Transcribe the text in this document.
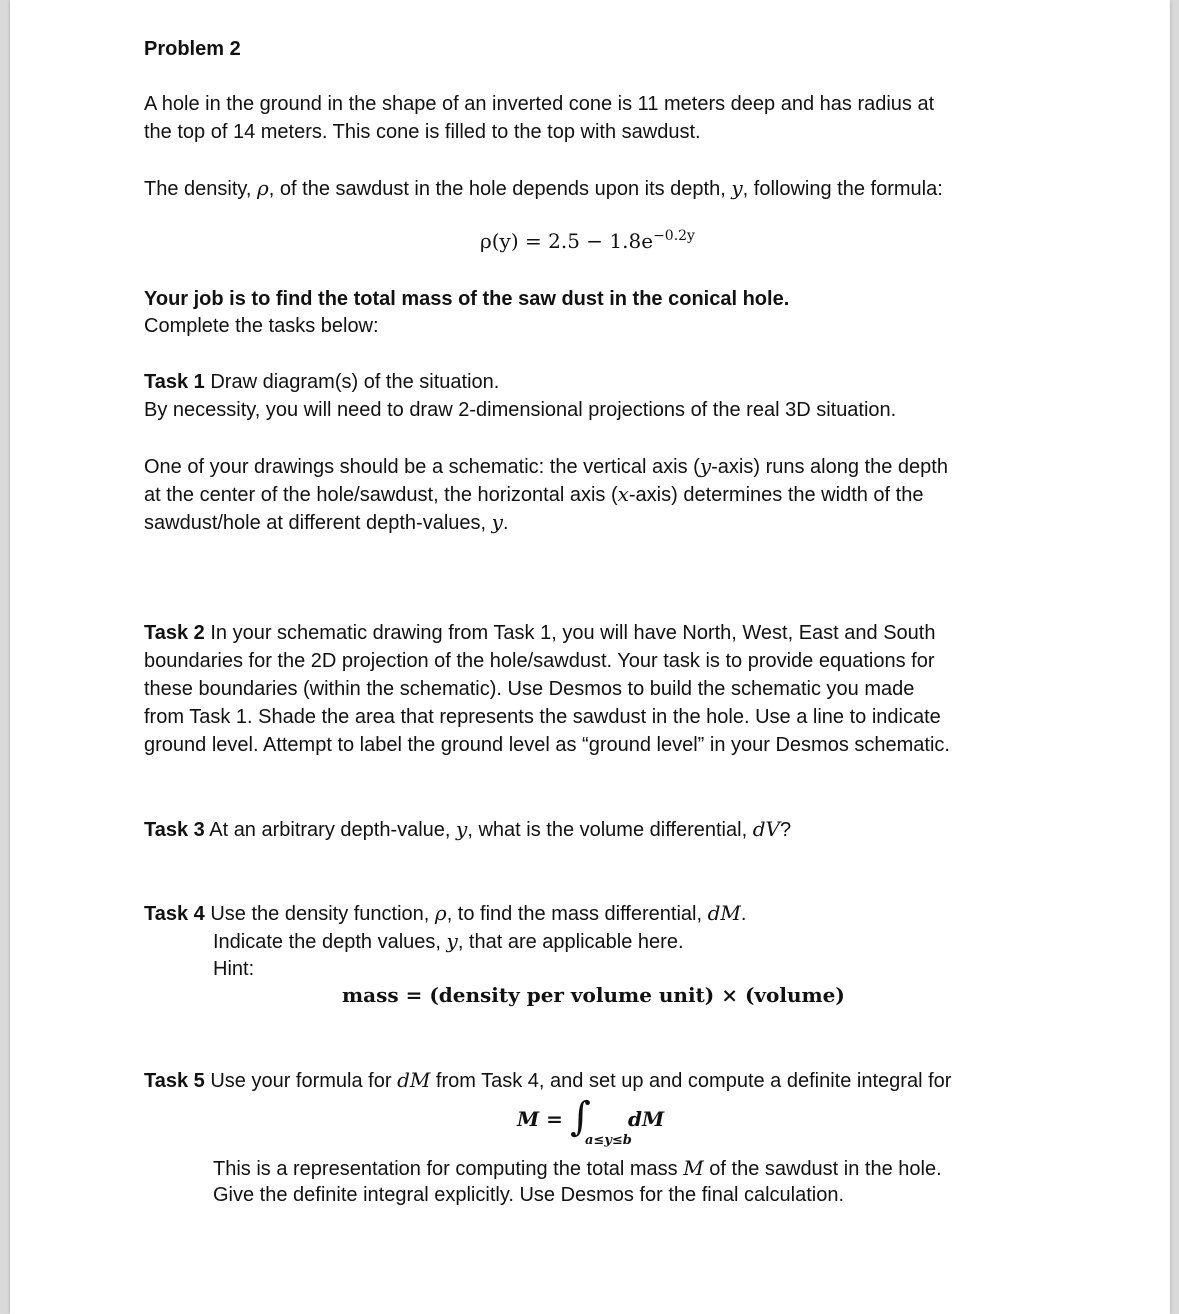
Problem 2

A hole in the ground in the shape of an inverted cone is 11 meters deep and has radius at

the top of 14 meters. This cone is filled to the top with sawdust.

The density, ρ, of the sawdust in the hole depends upon its depth, y, following the formula:

$\rho(y) = 2.5 - 1.8e^{-0.2y}$

Your job is to find the total mass of the saw dust in the conical hole.

Complete the tasks below:

Task 1 Draw diagram(s) of the situation.

By necessity, you will need to draw 2-dimensional projections of the real 3D situation.

One of your drawings should be a schematic: the vertical axis (y-axis) runs along the depth

at the center of the hole/sawdust, the horizontal axis (x-axis) determines the width of the

sawdust/hole at different depth-values, y.

Task 2 In your schematic drawing from Task 1, you will have North, West, East and South

boundaries for the 2D projection of the hole/sawdust. Your task is to provide equations for

these boundaries (within the schematic). Use Desmos to build the schematic you made

from Task 1. Shade the area that represents the sawdust in the hole. Use a line to indicate

ground level. Attempt to label the ground level as “ground level” in your Desmos schematic.

Task 3 At an arbitrary depth-value, y, what is the volume differential, dV?

Task 4 Use the density function, ρ, to find the mass differential, dM.

Indicate the depth values, y, that are applicable here.

Hint:

mass = (density per volume unit) × (volume)

Task 5 Use your formula for dM from Task 4, and set up and compute a definite integral for

M = ∫
a≤y≤b
dM

This is a representation for computing the total mass M of the sawdust in the hole.

Give the definite integral explicitly. Use Desmos for the final calculation.
